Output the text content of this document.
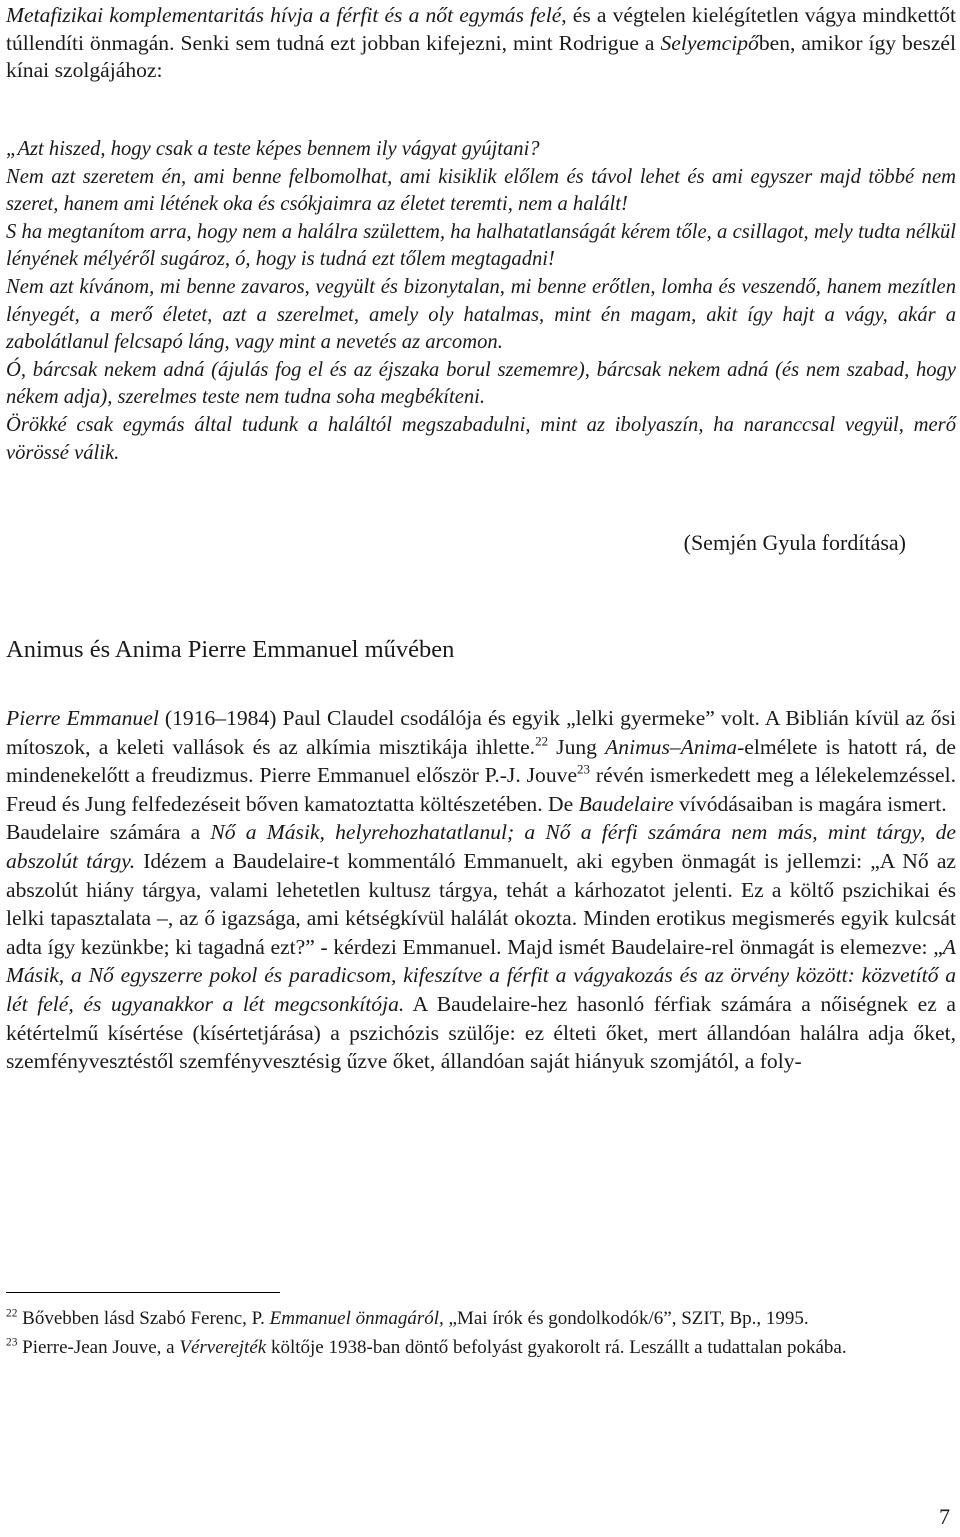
Metafizikai komplementaritás hívja a férfit és a nőt egymás felé, és a végtelen kielégítetlen vágya mindkettőt túllendíti önmagán. Senki sem tudná ezt jobban kifejezni, mint Rodrigue a Selyemcipőben, amikor így beszél kínai szolgájához:

„Azt hiszed, hogy csak a teste képes bennem ily vágyat gyújtani?

Nem azt szeretem én, ami benne felbomolhat, ami kisiklik előlem és távol lehet és ami egyszer majd többé nem szeret, hanem ami létének oka és csókjaimra az életet teremti, nem a halált!

S ha megtanítom arra, hogy nem a halálra születtem, ha halhatatlanságát kérem tőle, a csillagot, mely tudta nélkül lényének mélyéről sugároz, ó, hogy is tudná ezt tőlem megtagadni!

Nem azt kívánom, mi benne zavaros, vegyült és bizonytalan, mi benne erőtlen, lomha és veszendő, hanem mezítlen lényegét, a merő életet, azt a szerelmet, amely oly hatalmas, mint én magam, akit így hajt a vágy, akár a zabolátlanul felcsapó láng, vagy mint a nevetés az arcomon.

Ó, bárcsak nekem adná (ájulás fog el és az éjszaka borul szememre), bárcsak nekem adná (és nem szabad, hogy nékem adja), szerelmes teste nem tudna soha megbékíteni.

Örökké csak egymás által tudunk a haláltól megszabadulni, mint az ibolyaszín, ha naranccsal vegyül, merő vörössé válik.

(Semjén Gyula fordítása)
Animus és Anima Pierre Emmanuel művében

Pierre Emmanuel (1916–1984) Paul Claudel csodálója és egyik „lelki gyermeke” volt. A Biblián kívül az ősi mítoszok, a keleti vallások és az alkímia misztikája ihlette.$^{22}$ Jung Animus–Anima-elmélete is hatott rá, de mindenekelőtt a freudizmus. Pierre Emmanuel először P.-J. Jouve$^{23}$ révén ismerkedett meg a lélekelemzéssel. Freud és Jung felfedezéseit bőven kamatoztatta költészetében. De Baudelaire vívódásaiban is magára ismert.

Baudelaire számára a Nő a Másik, helyrehozhatatlanul; a Nő a férfi számára nem más, mint tárgy, de abszolút tárgy. Idézem a Baudelaire-t kommentáló Emmanuelt, aki egyben önmagát is jellemzi: „A Nő az abszolút hiány tárgya, valami lehetetlen kultusz tárgya, tehát a kárhozatot jelenti. Ez a költő pszichikai és lelki tapasztalata –, az ő igazsága, ami kétségkívül halálát okozta. Minden erotikus megismerés egyik kulcsát adta így kezünkbe; ki tagadná ezt?” - kérdezi Emmanuel. Majd ismét Baudelaire-rel önmagát is elemezve: „A Másik, a Nő egyszerre pokol és paradicsom, kifeszítve a férfit a vágyakozás és az örvény között: közvetítő a lét felé, és ugyanakkor a lét megcsonkítója. A Baudelaire-hez hasonló férfiak számára a nőiségnek ez a kétértelmű kísértése (kísértetjárása) a pszichózis szülője: ez élteti őket, mert állandóan halálra adja őket, szemfényvesztéstől szemfényvesztésig űzve őket, állandóan saját hiányuk szomjától, a foly-

$^{22}$ Bővebben lásd Szabó Ferenc, P. Emmanuel önmagáról, „Mai írók és gondolkodók/6”, SZIT, Bp., 1995.

$^{23}$ Pierre-Jean Jouve, a Vérverejték költője 1938-ban döntő befolyást gyakorolt rá. Leszállt a tudattalan pokába.

7
